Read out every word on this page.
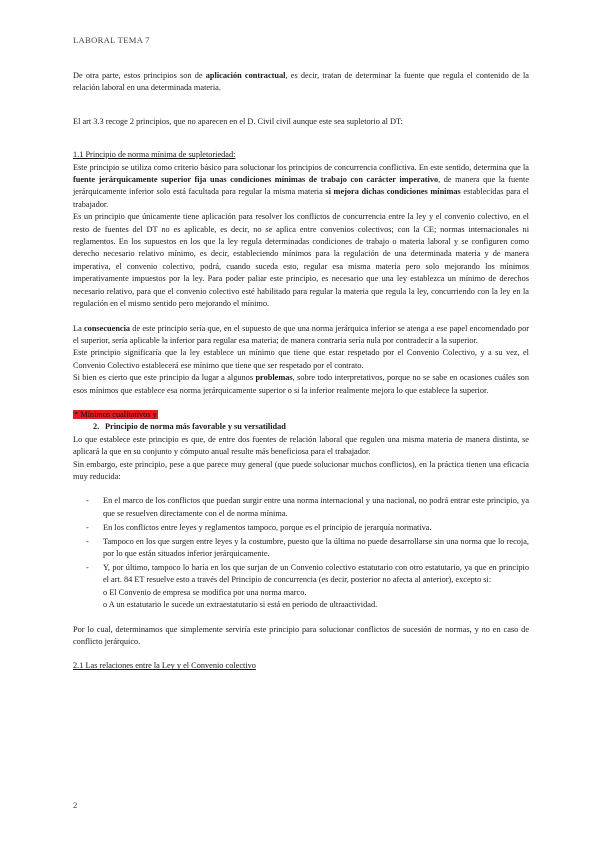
LABORAL TEMA 7

De otra parte, estos principios son de aplicación contractual, es decir, tratan de determinar la fuente que regula el contenido de la relación laboral en una determinada materia.

El art 3.3 recoge 2 principios, que no aparecen en el D. Civil civil aunque este sea supletorio al DT:

1.1 Principio de norma mínima de supletoriedad:

Este principio se utiliza como criterio básico para solucionar los principios de concurrencia conflictiva. En este sentido, determina que la fuente jerárquicamente superior fija unas condiciones mínimas de trabajo con carácter imperativo, de manera que la fuente jerárquicamente inferior solo está facultada para regular la misma materia si mejora dichas condiciones mínimas establecidas para el trabajador.

Es un principio que únicamente tiene aplicación para resolver los conflictos de concurrencia entre la ley y el convenio colectivo, en el resto de fuentes del DT no es aplicable, es decir, no se aplica entre convenios colectivos; con la CE; normas internacionales ni reglamentos. En los supuestos en los que la ley regula determinadas condiciones de trabajo o materia laboral y se configuren como derecho necesario relativo mínimo, es decir, estableciendo mínimos para la regulación de una determinada materia y de manera imperativa, el convenio colectivo, podrá, cuando suceda esto, regular esa misma materia pero solo mejorando los mínimos imperativamente impuestos por la ley. Para poder paliar este principio, es necesario que una ley establezca un mínimo de derechos necesario relativo, para que el convenio colectivo esté habilitado para regular la materia que regula la ley, concurriendo con la ley en la regulación en el mismo sentido pero mejorando el mínimo.

La consecuencia de este principio sería que, en el supuesto de que una norma jerárquica inferior se atenga a ese papel encomendado por el superior, sería aplicable la inferior para regular esa materia; de manera contraria sería nula por contradecir a la superior.

Este principio significaría que la ley establece un mínimo que tiene que estar respetado por el Convenio Colectivo, y a su vez, el Convenio Colectivo establecerá ese mínimo que tiene que ser respetado por el contrato.

Si bien es cierto que este principio da lugar a algunos problemas, sobre todo interpretativos, porque no se sabe en ocasiones cuáles son esos mínimos que establece esa norma jerárquicamente superior o si la inferior realmente mejora lo que establece la superior.

* Mínimos cualitativos y

2. Principio de norma más favorable y su versatilidad

Lo que establece este principio es que, de entre dos fuentes de relación laboral que regulen una misma materia de manera distinta, se aplicará la que en su conjunto y cómputo anual resulte más beneficiosa para el trabajador.

Sin embargo, este principio, pese a que parece muy general (que puede solucionar muchos conflictos), en la práctica tienen una eficacia muy reducida:

- En el marco de los conflictos que puedan surgir entre una norma internacional y una nacional, no podrá entrar este principio, ya que se resuelven directamente con el de norma mínima.
- En los conflictos entre leyes y reglamentos tampoco, porque es el principio de jerarquía normativa.
- Tampoco en los que surgen entre leyes y la costumbre, puesto que la última no puede desarrollarse sin una norma que lo recoja, por lo que están situados inferior jerárquicamente.
- Y, por último, tampoco lo haría en los que surjan de un Convenio colectivo estatutario con otro estatutario, ya que en principio el art. 84 ET resuelve esto a través del Principio de concurrencia (es decir, posterior no afecta al anterior), excepto si:
o El Convenio de empresa se modifica por una norma marco.
o A un estatutario le sucede un extraestatutario si está en periodo de ultraactividad.

Por lo cual, determinamos que simplemente serviría este principio para solucionar conflictos de sucesión de normas, y no en caso de conflicto jerárquico.

2.1 Las relaciones entre la Ley y el Convenio colectivo

2
